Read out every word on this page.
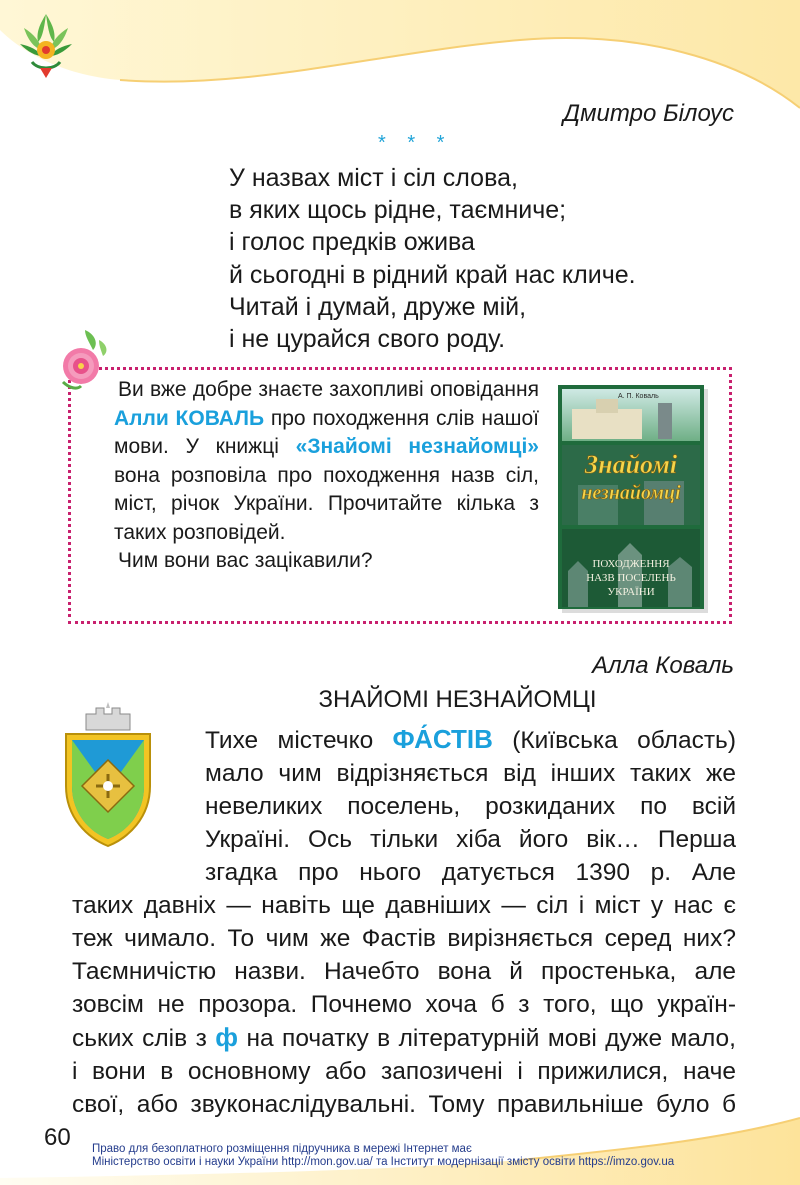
Дмитро Білоус
* * *
У назвах міст і сіл слова,
в яких щось рідне, таємниче;
і голос предків ожива
й сьогодні в рідний край нас кличе.
Читай і думай, друже мій,
і не цурайся свого роду.
Ви вже добре знаєте захопливі оповідання Алли КОВАЛЬ про походження слів нашої мови. У книжці «Знайомі незнайомці» вона розповіла про походження назв сіл, міст, річок України. Прочитайте кілька з таких розповідей.
Чим вони вас зацікавили?
А. П. Коваль
Знайомі
незнайомці
ПОХОДЖЕННЯ
НАЗВ ПОСЕЛЕНЬ
УКРАЇНИ
Алла Коваль
ЗНАЙОМІ НЕЗНАЙОМЦІ
Тихе містечко ФА́СТІВ (Київська область)
мало чим відрізняється від інших таких же
невеликих поселень, розкиданих по всій
Україні. Ось тільки хіба його вік… Перша
згадка про нього датується 1390 р. Але
таких давніх — навіть ще давніших — сіл і міст у нас є
теж чимало. То чим же Фастів вирізняється серед них?
Таємничістю назви. Начебто вона й простенька, але
зовсім не прозора. Почнемо хоча б з того, що україн-
ських слів з ф на початку в літературній мові дуже мало,
і вони в основному або запозичені і прижилися, наче
свої, або звуконаслідувальні. Тому правильніше було б
60 Право для безоплатного розміщення підручника в мережі Інтернет має
Міністерство освіти і науки України http://mon.gov.ua/ та Інститут модернізації змісту освіти https://imzo.gov.ua
